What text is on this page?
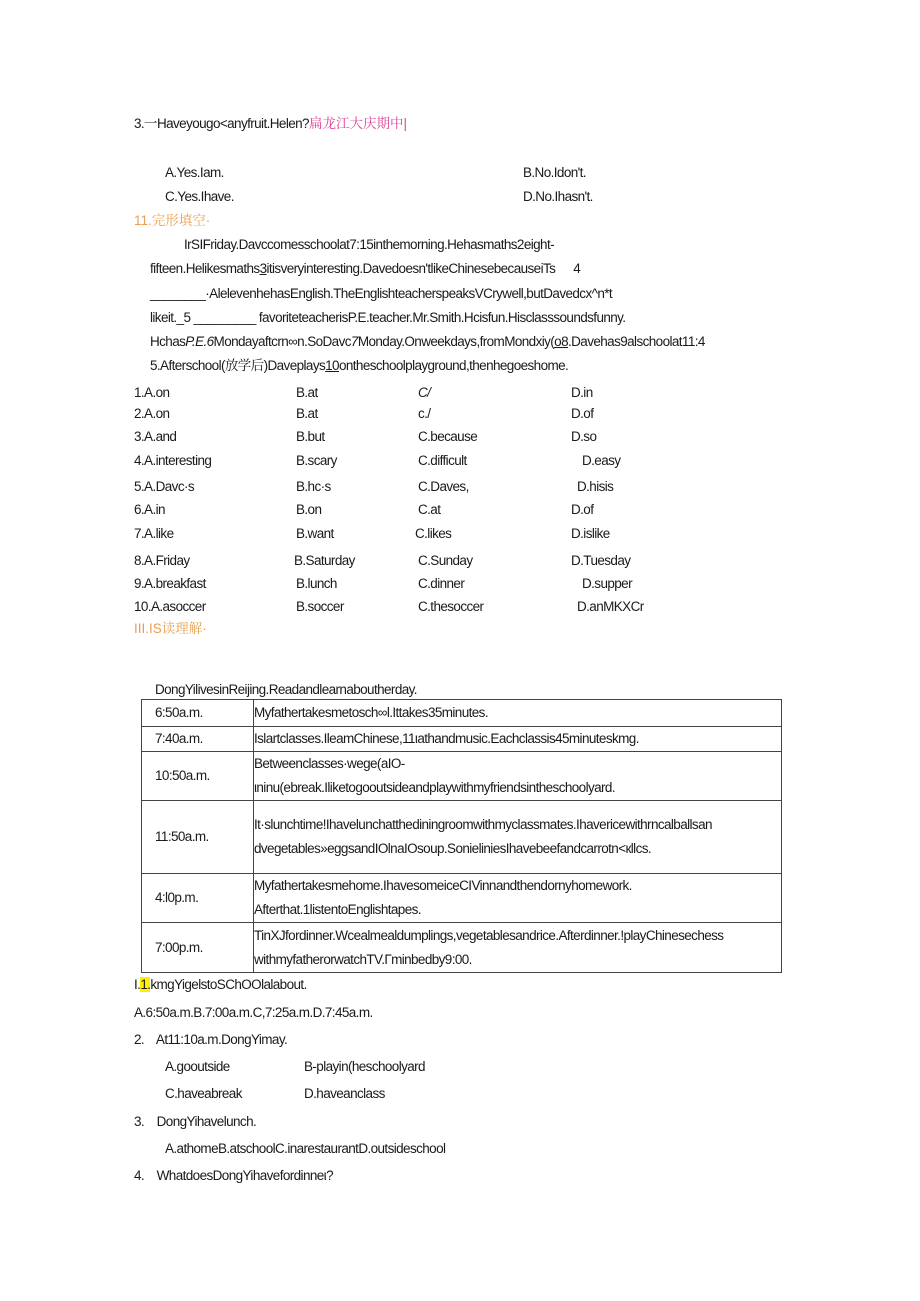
3.一Haveyougo<anyfruit.Helen?扁龙江大庆期中|
A.Yes.Iam.	B.No.Idon't.
C.Yes.Ihave.	D.No.Ihasn't.
11.完形填空·
IrSIFriday.Davccomesschoolat7:15inthemorning.Hehasmaths2eight-
fifteen.Helikesmaths3itisveryinteresting.Davedoesn'tlikeChinesebecauseiTs 4
________·AlelevenhehasEnglish.TheEnglishteacherspeaksVCrywell,butDavedcx^n*t
likeit._5 _________ favoriteteacherisP.E.teacher.Mr.Smith.Hcisfun.Hisclasssoundsfunny.
HchasP.E.6Mondayaftcrn∞n.SoDavc7Monday.Onweekdays,fromMondxiy(o8.Davehas9alschoolat11:4
5.Afterschool(放学后)Daveplays10ontheschoolplayground,thenhegoeshome.
1.A.on	B.at	C/	D.in
2.A.on	B.at	c./	D.of
3.A.and	B.but	C.because	D.so
4.A.interesting	B.scary	C.difficult	D.easy
5.A.Davc·s	B.hc·s	C.Daves,	D.hisis
6.A.in	B.on	C.at	D.of
7.A.like	B.want	C.likes	D.islike
8.A.Friday	B.Saturday	C.Sunday	D.Tuesday
9.A.breakfast	B.lunch	C.dinner	D.supper
10.A.asoccer	B.soccer	C.thesoccer	D.anMKXCr
III.IS读理解·
DongYilivesinReijing.Readandlearnaboutherday.
6:50a.m.	Myfathertakesmetosch∞l.Ittakes35minutes.

7:40a.m.	Islartclasses.IleamChinese,11ιathandmusic.Eachclassis45minuteskmg.

10:50a.m.	Betweenclasses·wege(aIO-
ιninu(ebreak.Iliketogooutsideandplaywithmyfriendsintheschoolyard.

11:50a.m.	It·slunchtime!Ihavelunchatthediningroomwithmyclassmates.Ihavericewithrncalballsan
dvegetables»eggsandIOlnaIOsoup.SonieliniesIhavebeefandcarrotn<кllcs.

4:l0p.m.	Myfathertakesmehome.IhavesomeiceCIVinnandthendornyhomework.
Afterthat.1listentoEnglishtapes.

7:00p.m.	TinXJfordinner.Wcealmealdumplings,vegetablesandrice.Afterdinner.!playChinesechess
withmyfatherorwatchTV.Гminbedby9:00.
I.1.kmgYigelstoSChOOlalabout.
A.6:50a.m.B.7:00a.m.C,7:25a.m.D.7:45a.m.
2.    At11:10a.m.DongYimay.
A.gooutside	B-playin(heschoolyard
C.haveabreak	D.haveanclass
3.    DongYihavelunch.
A.athomeB.atschoolC.inarestaurantD.outsideschool
4.    WhatdoesDongYihavefordinneι?
